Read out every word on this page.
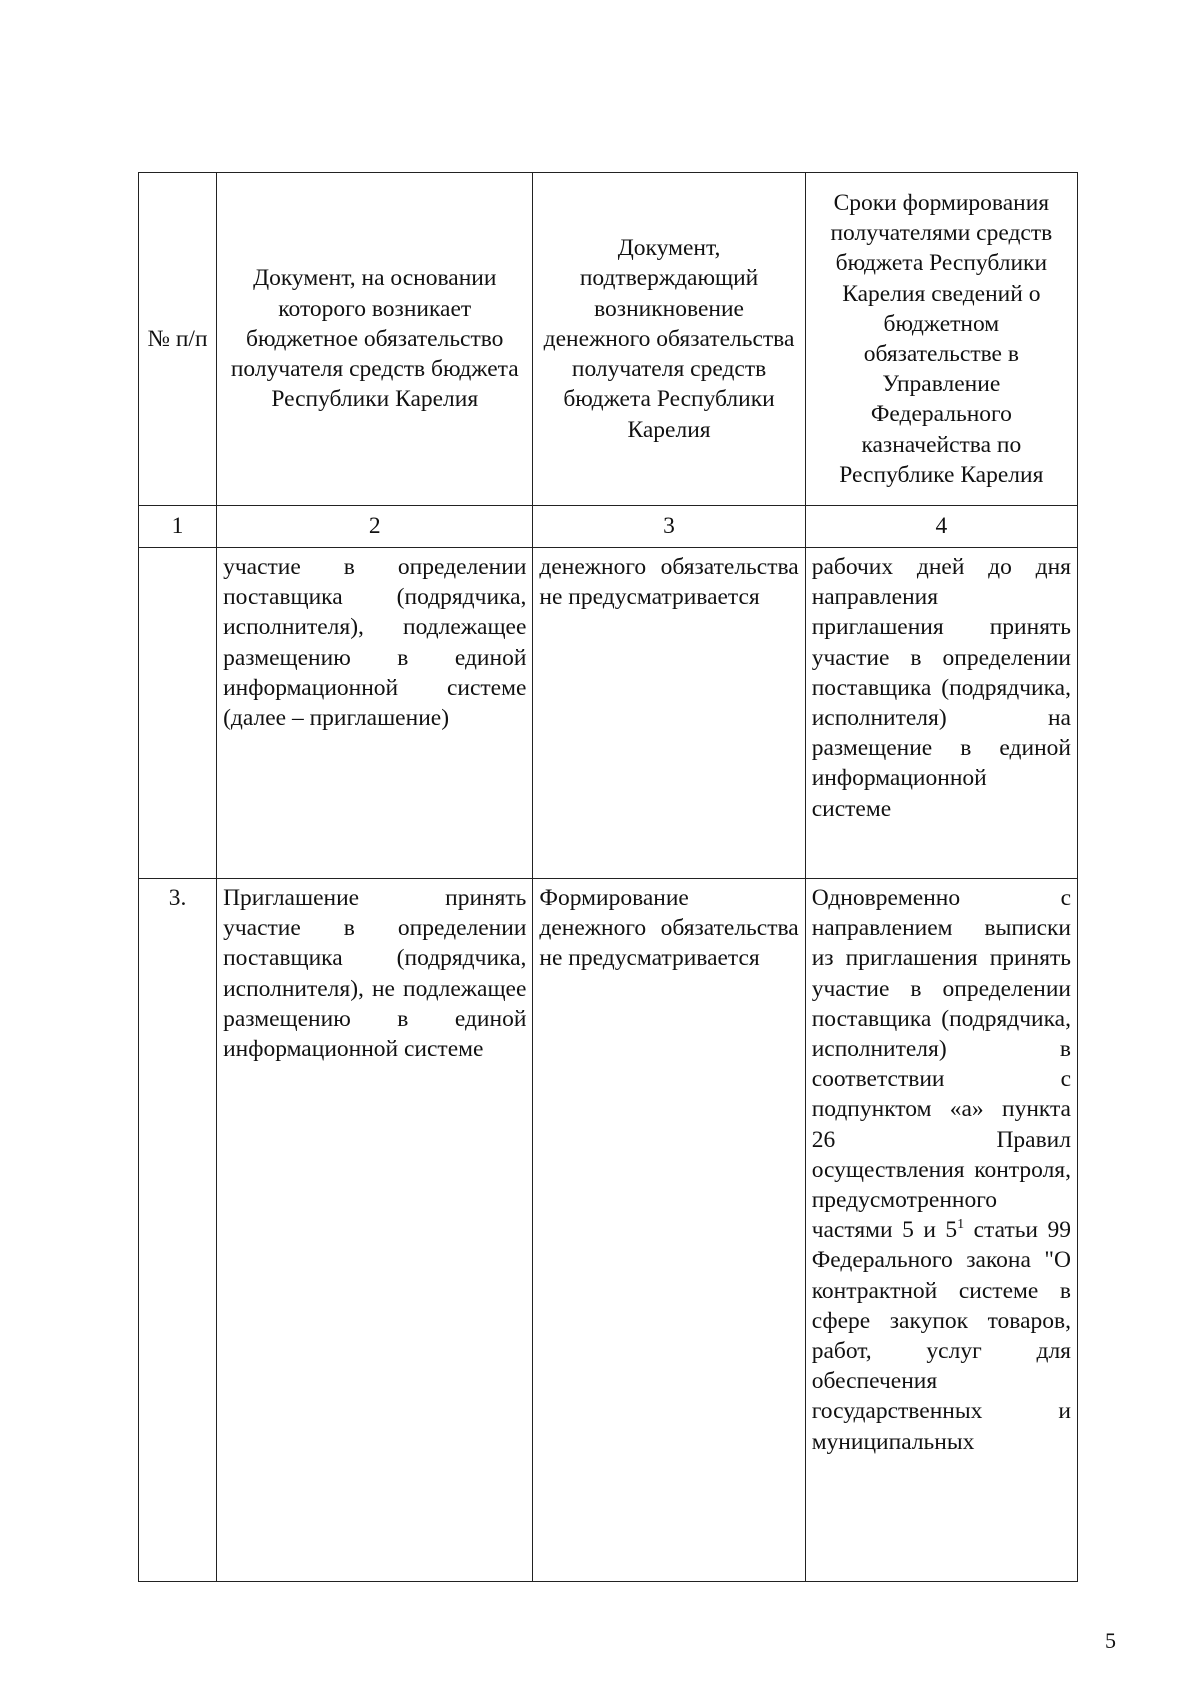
№ п/п	Документ, на основании которого возникает бюджетное обязательство получателя средств бюджета Республики Карелия	Документ, подтверждающий возникновение денежного обязательства получателя средств бюджета Республики Карелия	Сроки формирования получателями средств бюджета Республики Карелия сведений о бюджетном обязательстве в Управление Федерального казначейства по Республике Карелия

1	2	3	4

	участие в определении поставщика (подрядчика, исполнителя), подлежащее размещению в единой информационной системе (далее – приглашение)	денежного обязательства не предусматривается	рабочих дней до дня направления приглашения принять участие в определении поставщика (подрядчика, исполнителя) на размещение в единой информационной системе

3.	Приглашение принять участие в определении поставщика (подрядчика, исполнителя), не подлежащее размещению в единой информационной системе	Формирование денежного обязательства не предусматривается	Одновременно с направлением выписки из приглашения принять участие в определении поставщика (подрядчика, исполнителя) в соответствии с подпунктом «а» пункта 26 Правил осуществления контроля, предусмотренного частями 5 и $5^1$ статьи 99 Федерального закона "О контрактной системе в сфере закупок товаров, работ, услуг для обеспечения государственных и муниципальных
5
